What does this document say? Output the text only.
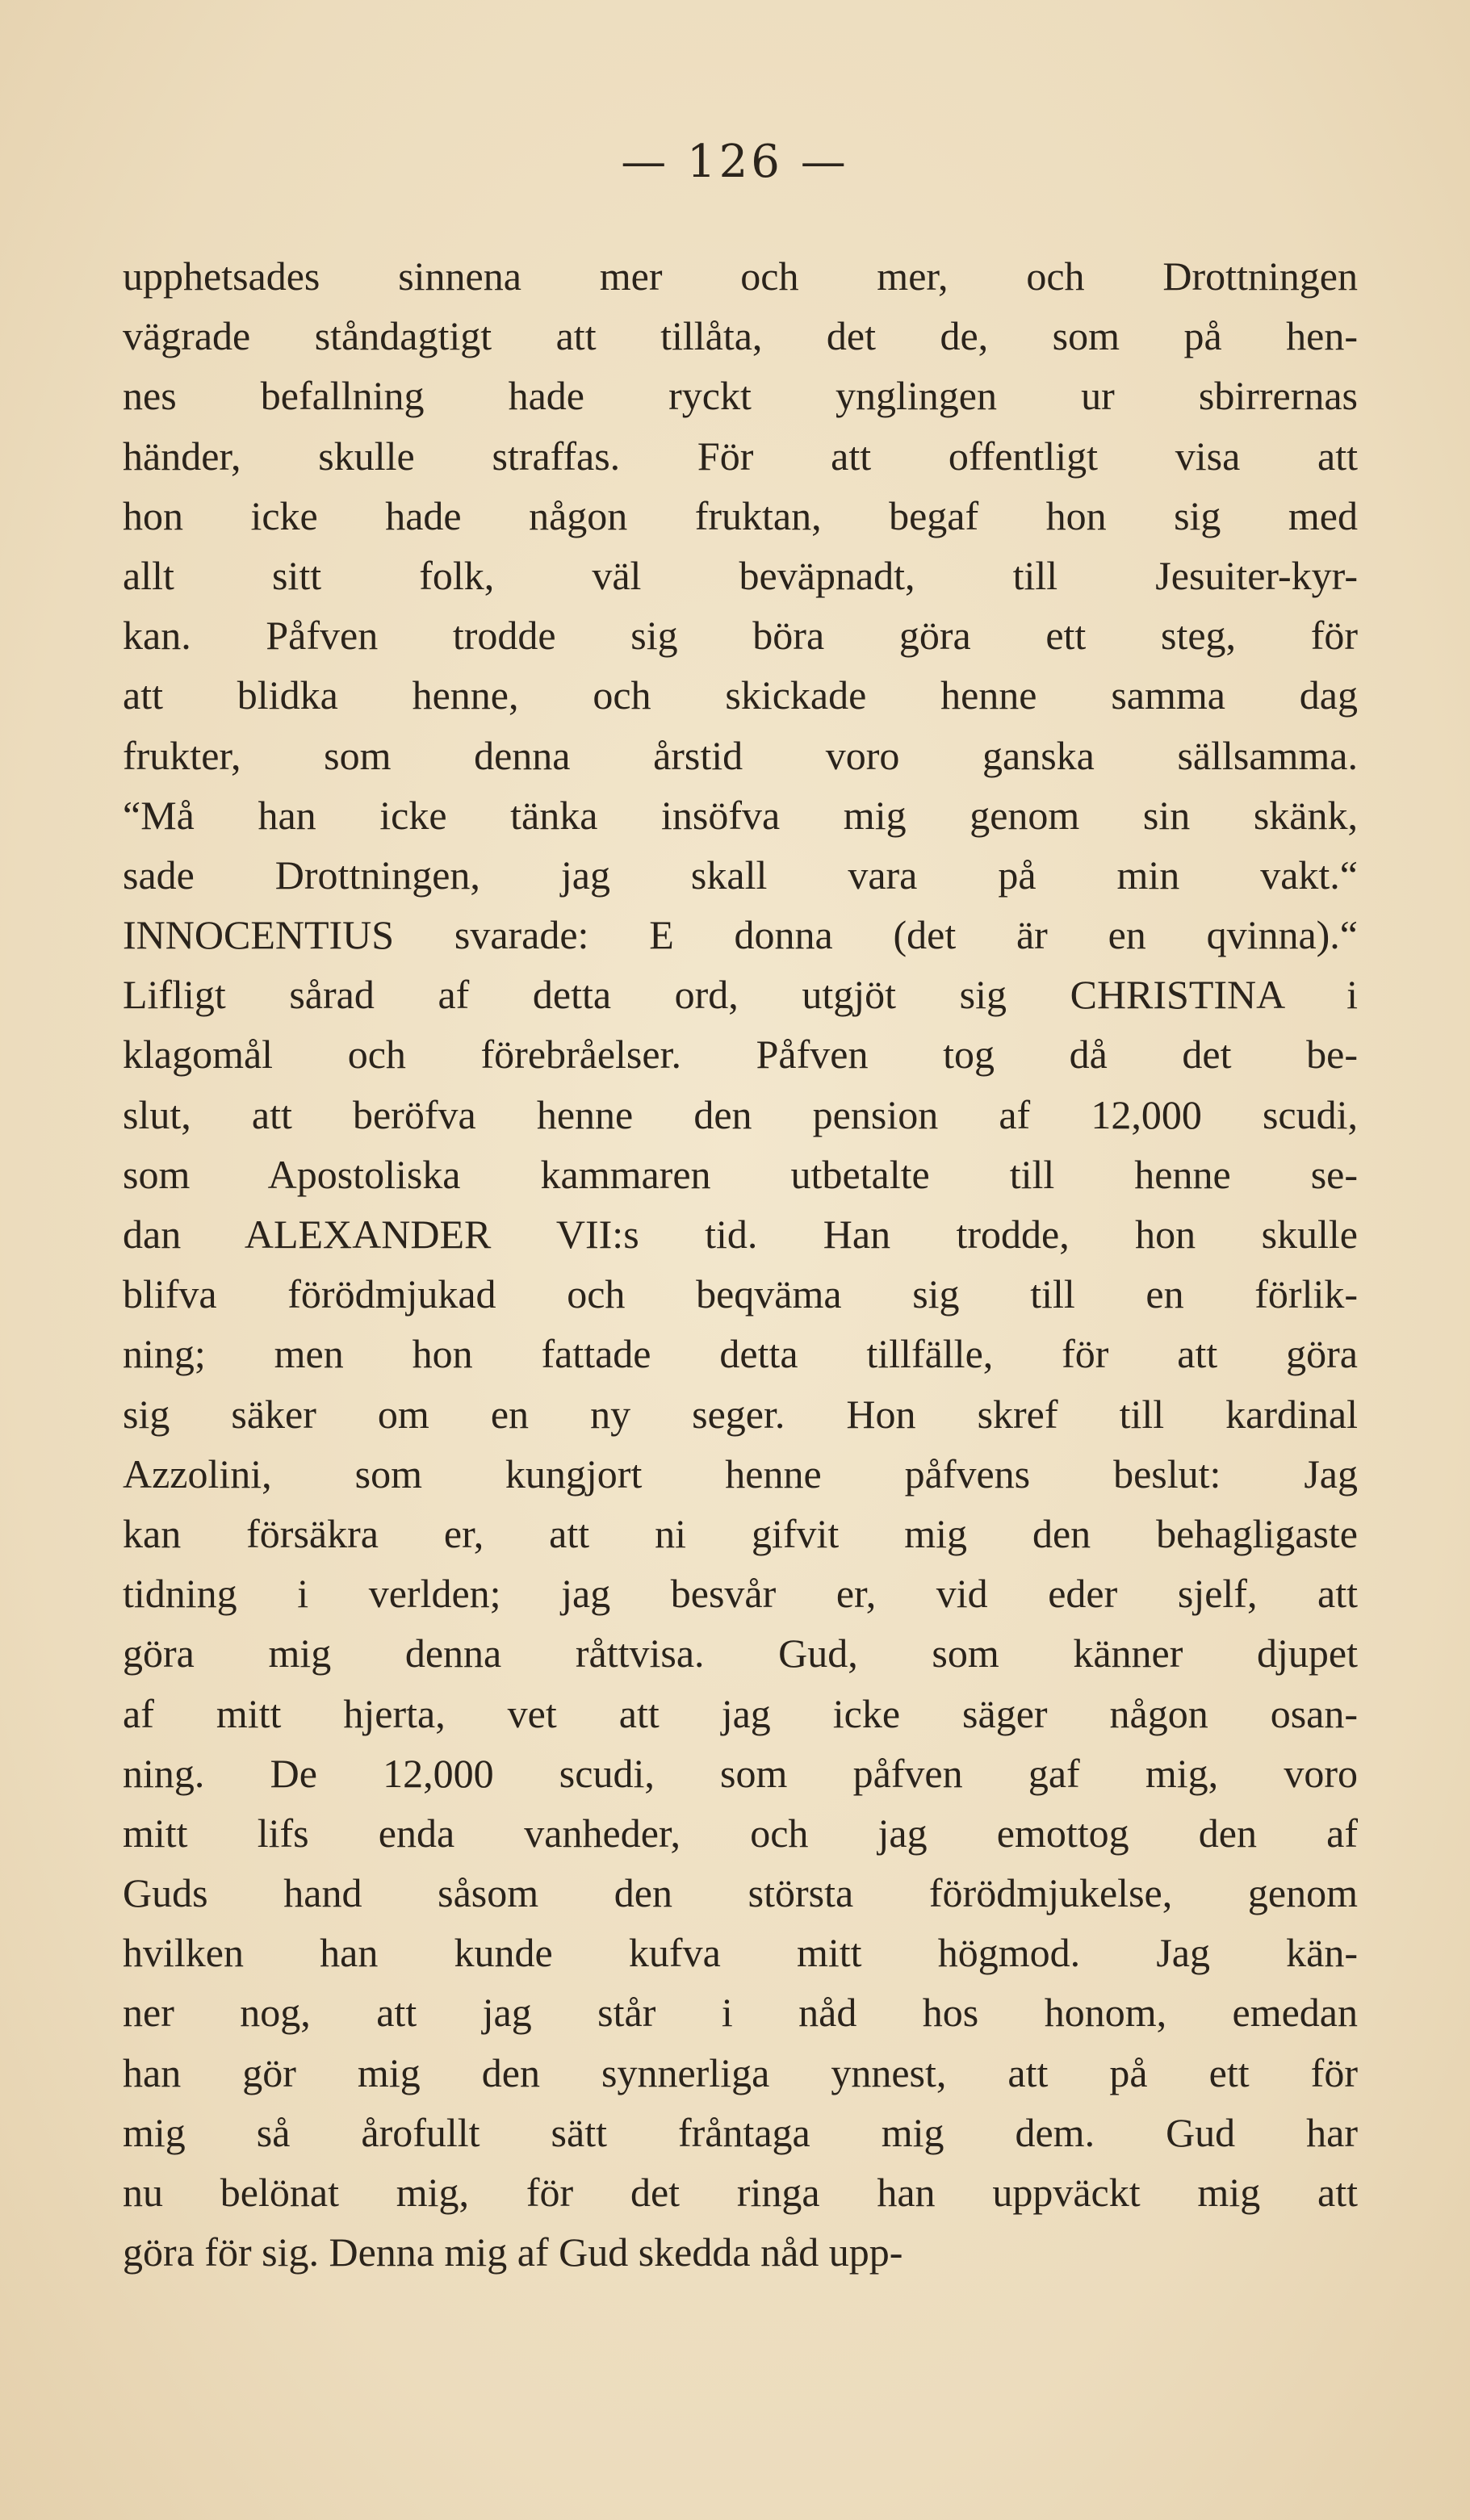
— 126 —
upphetsades sinnena mer och mer, och Drottningen
vägrade ståndagtigt att tillåta, det de, som på hen-
nes befallning hade ryckt ynglingen ur sbirrernas
händer, skulle straffas. För att offentligt visa att
hon icke hade någon fruktan, begaf hon sig med
allt sitt folk, väl beväpnadt, till Jesuiter-kyr-
kan. Påfven trodde sig böra göra ett steg, för
att blidka henne, och skickade henne samma dag
frukter, som denna årstid voro ganska sällsamma.
“Må han icke tänka insöfva mig genom sin skänk,
sade Drottningen, jag skall vara på min vakt.“
INNOCENTIUS svarade: E donna (det är en qvinna).“
Lifligt sårad af detta ord, utgjöt sig CHRISTINA i
klagomål och förebråelser. Påfven tog då det be-
slut, att beröfva henne den pension af 12,000 scudi,
som Apostoliska kammaren utbetalte till henne se-
dan ALEXANDER VII:s tid. Han trodde, hon skulle
blifva förödmjukad och beqväma sig till en förlik-
ning; men hon fattade detta tillfälle, för att göra
sig säker om en ny seger. Hon skref till kardinal
Azzolini, som kungjort henne påfvens beslut: Jag
kan försäkra er, att ni gifvit mig den behagligaste
tidning i verlden; jag besvår er, vid eder sjelf, att
göra mig denna råttvisa. Gud, som känner djupet
af mitt hjerta, vet att jag icke säger någon osan-
ning. De 12,000 scudi, som påfven gaf mig, voro
mitt lifs enda vanheder, och jag emottog den af
Guds hand såsom den största förödmjukelse, genom
hvilken han kunde kufva mitt högmod. Jag kän-
ner nog, att jag står i nåd hos honom, emedan
han gör mig den synnerliga ynnest, att på ett för
mig så årofullt sätt fråntaga mig dem. Gud har
nu belönat mig, för det ringa han uppväckt mig att
göra för sig. Denna mig af Gud skedda nåd upp-
